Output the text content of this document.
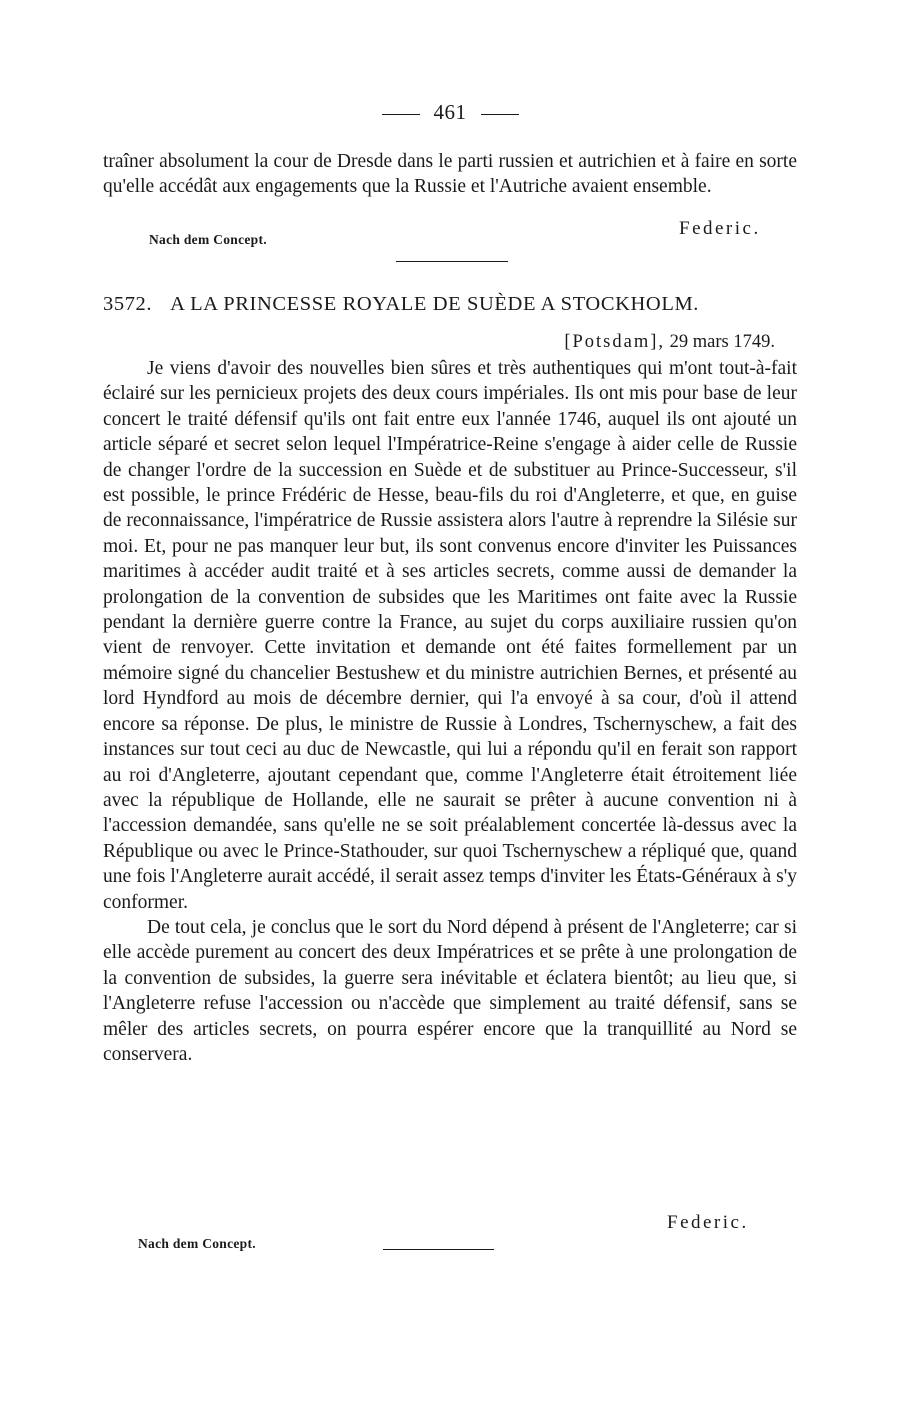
461

traîner absolument la cour de Dresde dans le parti russien et autrichien et à faire en sorte qu'elle accédât aux engagements que la Russie et l'Autriche avaient ensemble.

Federic.
Nach dem Concept.
3572. A LA PRINCESSE ROYALE DE SUÈDE A STOCKHOLM.
[Potsdam], 29 mars 1749.

Je viens d'avoir des nouvelles bien sûres et très authentiques qui m'ont tout-à-fait éclairé sur les pernicieux projets des deux cours impériales. Ils ont mis pour base de leur concert le traité défensif qu'ils ont fait entre eux l'année 1746, auquel ils ont ajouté un article séparé et secret selon lequel l'Impératrice-Reine s'engage à aider celle de Russie de changer l'ordre de la succession en Suède et de substituer au Prince-Successeur, s'il est possible, le prince Frédéric de Hesse, beau-fils du roi d'Angleterre, et que, en guise de reconnaissance, l'impératrice de Russie assistera alors l'autre à reprendre la Silésie sur moi. Et, pour ne pas manquer leur but, ils sont convenus encore d'inviter les Puissances maritimes à accéder audit traité et à ses articles secrets, comme aussi de demander la prolongation de la convention de subsides que les Maritimes ont faite avec la Russie pendant la dernière guerre contre la France, au sujet du corps auxiliaire russien qu'on vient de renvoyer. Cette invitation et demande ont été faites formellement par un mémoire signé du chancelier Bestushew et du ministre autrichien Bernes, et présenté au lord Hyndford au mois de décembre dernier, qui l'a envoyé à sa cour, d'où il attend encore sa réponse. De plus, le ministre de Russie à Londres, Tschernyschew, a fait des instances sur tout ceci au duc de Newcastle, qui lui a répondu qu'il en ferait son rapport au roi d'Angleterre, ajoutant cependant que, comme l'Angleterre était étroitement liée avec la république de Hollande, elle ne saurait se prêter à aucune convention ni à l'accession demandée, sans qu'elle ne se soit préalablement concertée là-dessus avec la République ou avec le Prince-Stathouder, sur quoi Tschernyschew a répliqué que, quand une fois l'Angleterre aurait accédé, il serait assez temps d'inviter les États-Généraux à s'y conformer.

De tout cela, je conclus que le sort du Nord dépend à présent de l'Angleterre; car si elle accède purement au concert des deux Impératrices et se prête à une prolongation de la convention de subsides, la guerre sera inévitable et éclatera bientôt; au lieu que, si l'Angleterre refuse l'accession ou n'accède que simplement au traité défensif, sans se mêler des articles secrets, on pourra espérer encore que la tranquillité au Nord se conservera.

Federic.
Nach dem Concept.
